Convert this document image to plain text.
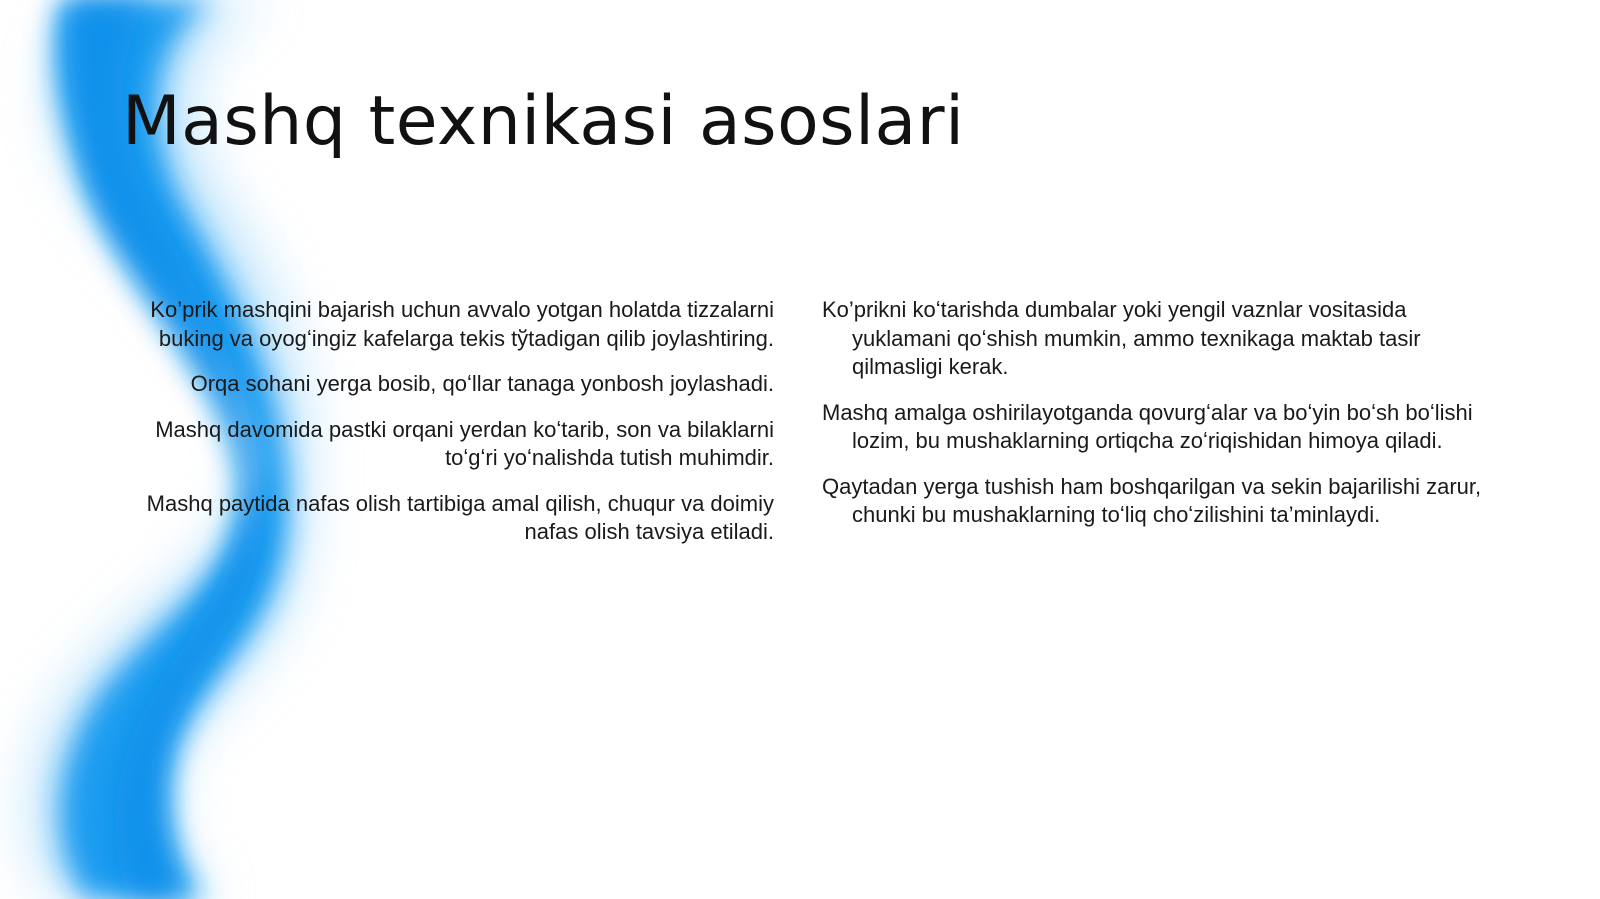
Mashq texnikasi asoslari

Ko’prik mashqini bajarish uchun avvalo yotgan holatda tizzalarni buking va oyogʻingiz kafelarga tekis tўtadigan qilib joylashtiring.

Orqa sohani yerga bosib, qoʻllar tanaga yonbosh joylashadi.

Mashq davomida pastki orqani yerdan koʻtarib, son va bilaklarni toʻgʻri yoʻnalishda tutish muhimdir.

Mashq paytida nafas olish tartibiga amal qilish, chuqur va doimiy nafas olish tavsiya etiladi.

Ko’prikni koʻtarishda dumbalar yoki yengil vaznlar vositasida yuklamani qoʻshish mumkin, ammo texnikaga maktab tasir qilmasligi kerak.

Mashq amalga oshirilayotganda qovurgʻalar va boʻyin boʻsh boʻlishi lozim, bu mushaklarning ortiqcha zoʻriqishidan himoya qiladi.

Qaytadan yerga tushish ham boshqarilgan va sekin bajarilishi zarur, chunki bu mushaklarning toʻliq choʻzilishini ta’minlaydi.
